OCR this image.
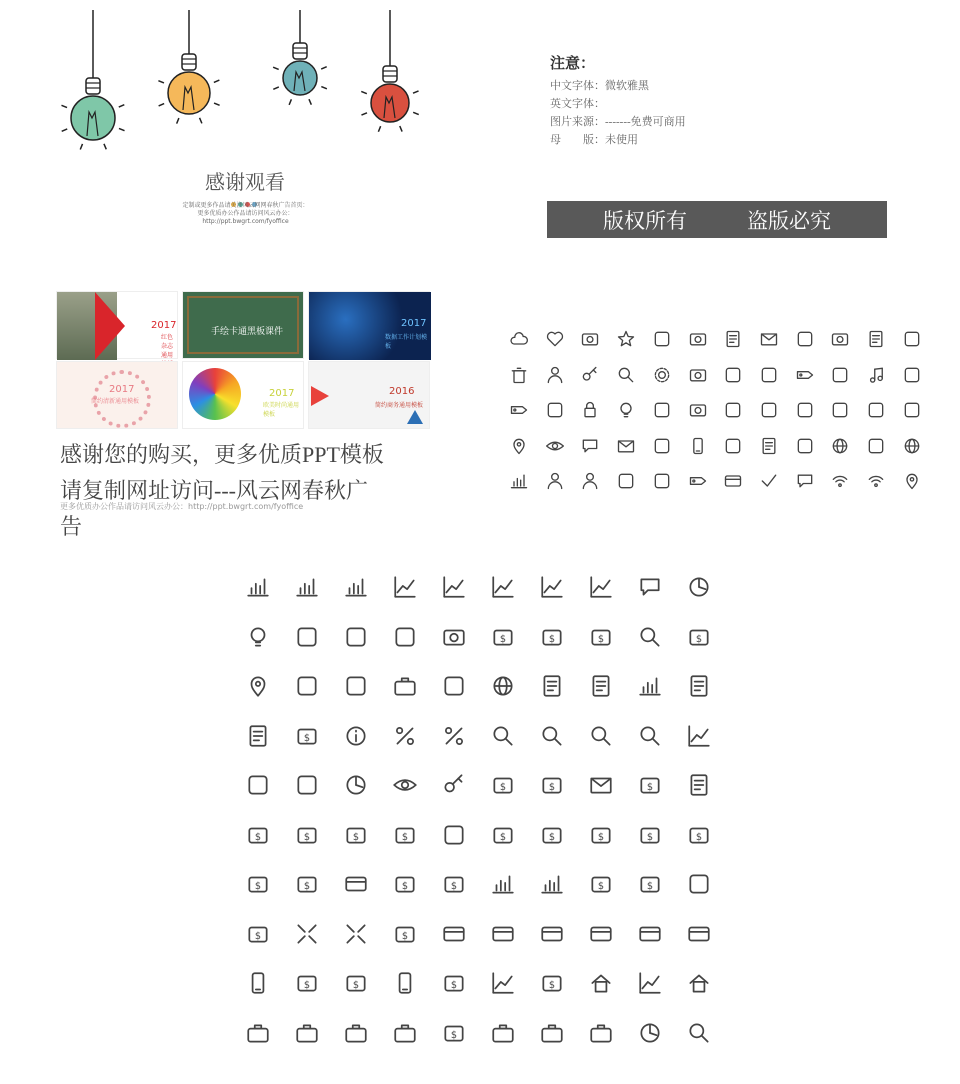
感谢观看
定制或更多作品请关注风云网网春秋广告首页：
更多优质办公作品请访问风云办公：
http://ppt.bwgrt.com/fyoffice
注意：
中文字体：微软雅黑
英文字体：
图片来源：-------免费可商用
母        版：未使用
版权所有	盗版必究
2017
红色杂志通用
手绘卡通黑板课件
2017
数据工作计划模板
2017
简约清新通用模板
2017
欧美时尚通用模板
2016
简约商务通用模板
感谢您的购买，更多优质PPT模板
请复制网址访问---风云网春秋广
告
更多优质办公作品请访问风云办公：http://ppt.bwgrt.com/fyoffice
$	$	$	$
$
$	$	$
$	$	$	$	$	$	$	$	$
$	$	$	$	$	$
$	$
$	$	$	$
$
